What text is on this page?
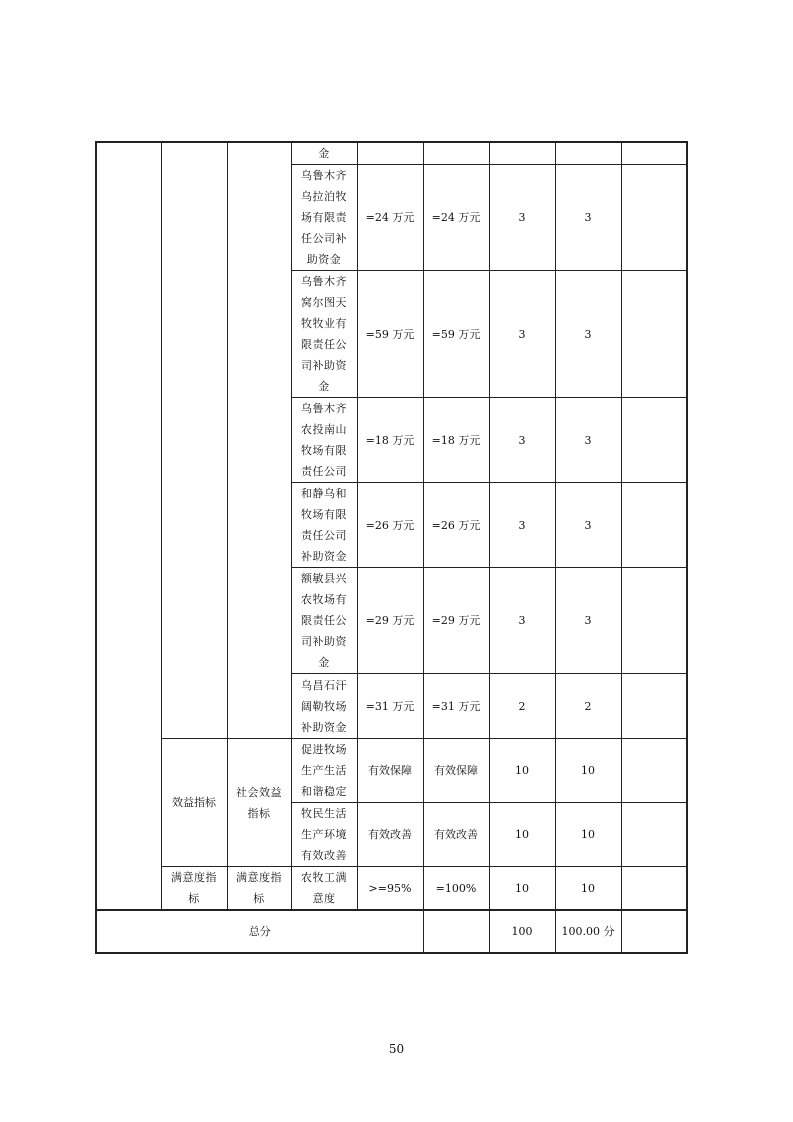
			金					
			乌鲁木齐乌拉泊牧场有限责任公司补助资金	=24 万元	=24 万元	3	3	
			乌鲁木齐窝尔图天牧牧业有限责任公司补助资金	=59 万元	=59 万元	3	3	
			乌鲁木齐农投南山牧场有限责任公司	=18 万元	=18 万元	3	3	
			和静乌和牧场有限责任公司补助资金	=26 万元	=26 万元	3	3	
			额敏县兴农牧场有限责任公司补助资金	=29 万元	=29 万元	3	3	
			乌昌石汗阔勒牧场补助资金	=31 万元	=31 万元	2	2	
	效益指标	社会效益指标	促进牧场生产生活和谐稳定	有效保障	有效保障	10	10	
			牧民生活生产环境有效改善	有效改善	有效改善	10	10	
	满意度指标	满意度指标	农牧工满意度	>=95%	=100%	10	10	
总分						100	100.00 分	
50
